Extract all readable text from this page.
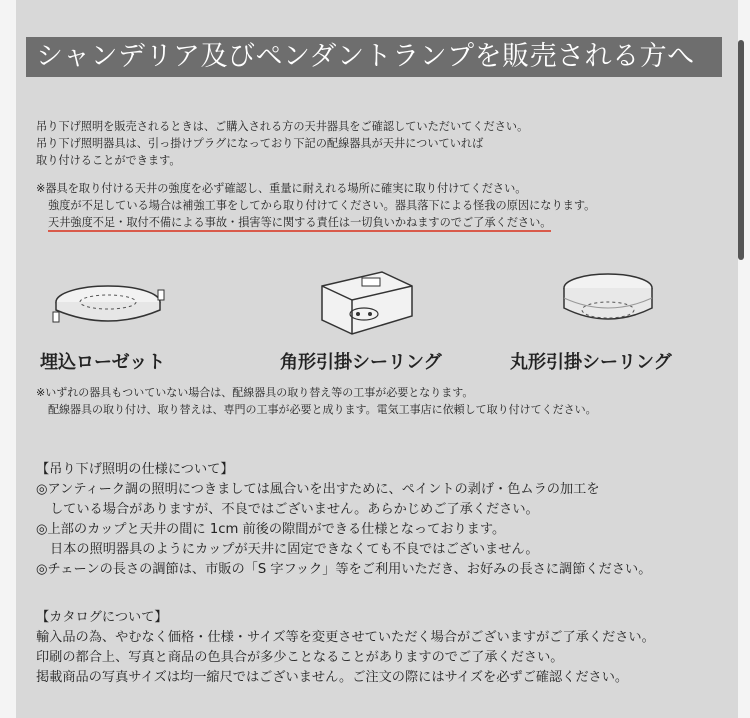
シャンデリア及びペンダントランプを販売される方へ
吊り下げ照明を販売されるときは、ご購入される方の天井器具をご確認していただいてください。
吊り下げ照明器具は、引っ掛けプラグになっており下記の配線器具が天井についていれば
取り付けることができます。
※器具を取り付ける天井の強度を必ず確認し、重量に耐えれる場所に確実に取り付けてください。
強度が不足している場合は補強工事をしてから取り付けてください。器具落下による怪我の原因になります。
天井強度不足・取付不備による事故・損害等に関する責任は一切負いかねますのでご了承ください。
埋込ローゼット	角形引掛シーリング	丸形引掛シーリング
※いずれの器具もついていない場合は、配線器具の取り替え等の工事が必要となります。
配線器具の取り付け、取り替えは、専門の工事が必要と成ります。電気工事店に依頼して取り付けてください。
【吊り下げ照明の仕様について】
◎アンティーク調の照明につきましては風合いを出すために、ペイントの剥げ・色ムラの加工を
している場合がありますが、不良ではございません。あらかじめご了承ください。
◎上部のカップと天井の間に 1cm 前後の隙間ができる仕様となっております。
日本の照明器具のようにカップが天井に固定できなくても不良ではございません。
◎チェーンの長さの調節は、市販の「S 字フック」等をご利用いただき、お好みの長さに調節ください。
【カタログについて】
輸入品の為、やむなく価格・仕様・サイズ等を変更させていただく場合がございますがご了承ください。
印刷の都合上、写真と商品の色具合が多少ことなることがありますのでご了承ください。
掲載商品の写真サイズは均一縮尺ではございません。ご注文の際にはサイズを必ずご確認ください。
